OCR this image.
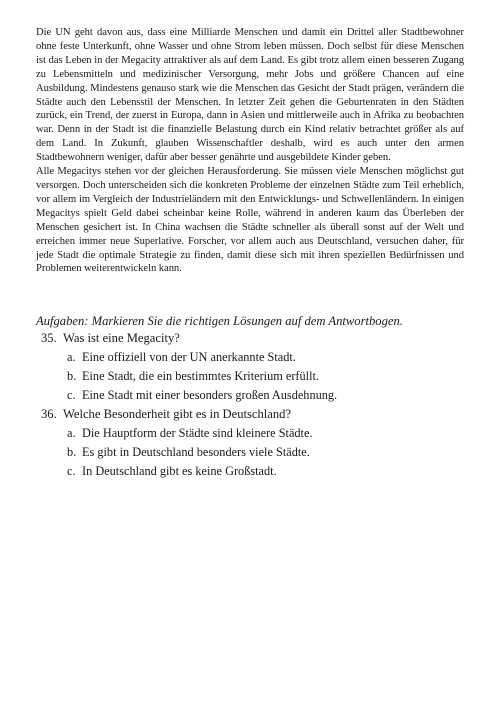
Die UN geht davon aus, dass eine Milliarde Menschen und damit ein Drittel aller Stadtbewohner ohne feste Unterkunft, ohne Wasser und ohne Strom leben müssen. Doch selbst für diese Menschen ist das Leben in der Megacity attraktiver als auf dem Land. Es gibt trotz allem einen besseren Zugang zu Lebensmitteln und medizinischer Versorgung, mehr Jobs und größere Chancen auf eine Ausbildung. Mindestens genauso stark wie die Menschen das Gesicht der Stadt prägen, verändern die Städte auch den Lebensstil der Menschen. In letzter Zeit gehen die Geburtenraten in den Städten zurück, ein Trend, der zuerst in Europa, dann in Asien und mittlerweile auch in Afrika zu beobachten war. Denn in der Stadt ist die finanzielle Belastung durch ein Kind relativ betrachtet größer als auf dem Land. In Zukunft, glauben Wissenschaftler deshalb, wird es auch unter den armen Stadtbewohnern weniger, dafür aber besser genährte und ausgebildete Kinder geben.

Alle Megacitys stehen vor der gleichen Herausforderung. Sie müssen viele Menschen möglichst gut versorgen. Doch unterscheiden sich die konkreten Probleme der einzelnen Städte zum Teil erheblich, vor allem im Vergleich der Industrieländern mit den Entwicklungs- und Schwellenländern. In einigen Megacitys spielt Geld dabei scheinbar keine Rolle, während in anderen kaum das Überleben der Menschen gesichert ist. In China wachsen die Städte schneller als überall sonst auf der Welt und erreichen immer neue Superlative. Forscher, vor allem auch aus Deutschland, versuchen daher, für jede Stadt die optimale Strategie zu finden, damit diese sich mit ihren speziellen Bedürfnissen und Problemen weiterentwickeln kann.

Aufgaben: Markieren Sie die richtigen Lösungen auf dem Antwortbogen.
35. Was ist eine Megacity?
a. Eine offiziell von der UN anerkannte Stadt.
b. Eine Stadt, die ein bestimmtes Kriterium erfüllt.
c. Eine Stadt mit einer besonders großen Ausdehnung.
36. Welche Besonderheit gibt es in Deutschland?
a. Die Hauptform der Städte sind kleinere Städte.
b. Es gibt in Deutschland besonders viele Städte.
c. In Deutschland gibt es keine Großstadt.
